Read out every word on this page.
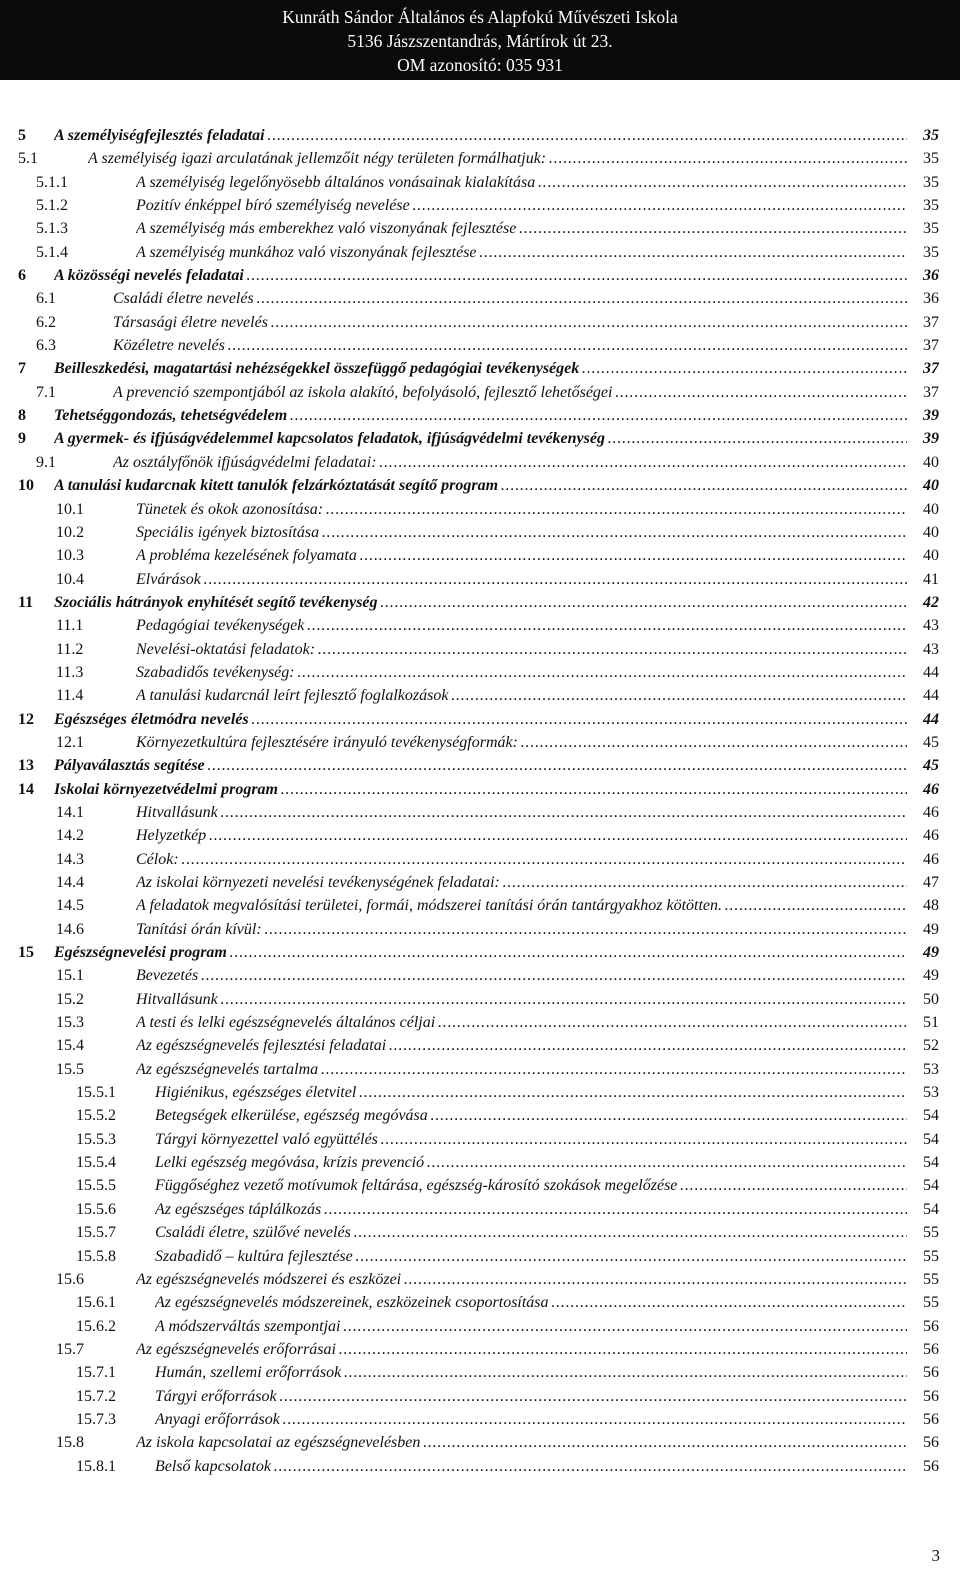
Kunráth Sándor Általános és Alapfokú Művészeti Iskola
5136 Jászszentandrás, Mártírok út 23.
OM azonosító: 035 931
5 A személyiségfejlesztés feladatai . . .	35
5.1	A személyiség igazi arculatának jellemzőit négy területen formálhatjuk: . . .	35
5.1.1	A személyiség legelőnyösebb általános vonásainak kialakítása . . .	35
5.1.2	Pozitív énképpel bíró személyiség nevelése . . .	35
5.1.3	A személyiség más emberekhez való viszonyának fejlesztése . . .	35
5.1.4	A személyiség munkához való viszonyának fejlesztése . . .	35
6 A közösségi nevelés feladatai . . .	36
6.1	Családi életre nevelés . . .	36
6.2	Társasági életre nevelés . . .	37
6.3	Közéletre nevelés . . .	37
7 Beilleszkedési, magatartási nehézségekkel összefüggő pedagógiai tevékenységek . . .	37
7.1	A prevenció szempontjából az iskola alakító, befolyásoló, fejlesztő lehetőségei . . .	37
8 Tehetséggondozás, tehetségvédelem . . .	39
9 A gyermek- és ifjúságvédelemmel kapcsolatos feladatok, ifjúságvédelmi tevékenység . . .	39
9.1	Az osztályfőnök ifjúságvédelmi feladatai: . . .	40
10 A tanulási kudarcnak kitett tanulók felzárkóztatását segítő program . . .	40
10.1	Tünetek és okok azonosítása: . . .	40
10.2	Speciális igények biztosítása . . .	40
10.3	A probléma kezelésének folyamata . . .	40
10.4	Elvárások . . .	41
11 Szociális hátrányok enyhítését segítő tevékenység . . .	42
11.1	Pedagógiai tevékenységek . . .	43
11.2	Nevelési-oktatási feladatok: . . .	43
11.3	Szabadidős tevékenység: . . .	44
11.4	A tanulási kudarcnál leírt fejlesztő foglalkozások . . .	44
12 Egészséges életmódra nevelés . . .	44
12.1	Környezetkultúra fejlesztésére irányuló tevékenységformák: . . .	45
13 Pályaválasztás segítése . . .	45
14 Iskolai környezetvédelmi program . . .	46
14.1	Hitvallásunk . . .	46
14.2	Helyzetkép . . .	46
14.3	Célok: . . .	46
14.4	Az iskolai környezeti nevelési tevékenységének feladatai: . . .	47
14.5	A feladatok megvalósítási területei, formái, módszerei tanítási órán tantárgyakhoz kötötten. . . .	48
14.6	Tanítási órán kívül: . . .	49
15 Egészségnevelési program . . .	49
15.1	Bevezetés . . .	49
15.2	Hitvallásunk . . .	50
15.3	A testi és lelki egészségnevelés általános céljai . . .	51
15.4	Az egészségnevelés fejlesztési feladatai . . .	52
15.5	Az egészségnevelés tartalma . . .	53
15.5.1 Higiénikus, egészséges életvitel . . .	53
15.5.2 Betegségek elkerülése, egészség megóvása . . .	54
15.5.3 Tárgyi környezettel való együttélés . . .	54
15.5.4 Lelki egészség megóvása, krízis prevenció . . .	54
15.5.5 Függőséghez vezető motívumok feltárása, egészség-károsító szokások megelőzése . . .	54
15.5.6 Az egészséges táplálkozás . . .	54
15.5.7 Családi életre, szülővé nevelés . . .	55
15.5.8 Szabadidő – kultúra fejlesztése . . .	55
15.6	Az egészségnevelés módszerei és eszközei . . .	55
15.6.1 Az egészségnevelés módszereinek, eszközeinek csoportosítása . . .	55
15.6.2 A módszerváltás szempontjai . . .	56
15.7	Az egészségnevelés erőforrásai . . .	56
15.7.1 Humán, szellemi erőforrások . . .	56
15.7.2 Tárgyi erőforrások . . .	56
15.7.3 Anyagi erőforrások . . .	56
15.8	Az iskola kapcsolatai az egészségnevelésben . . .	56
15.8.1 Belső kapcsolatok . . .	56
3
